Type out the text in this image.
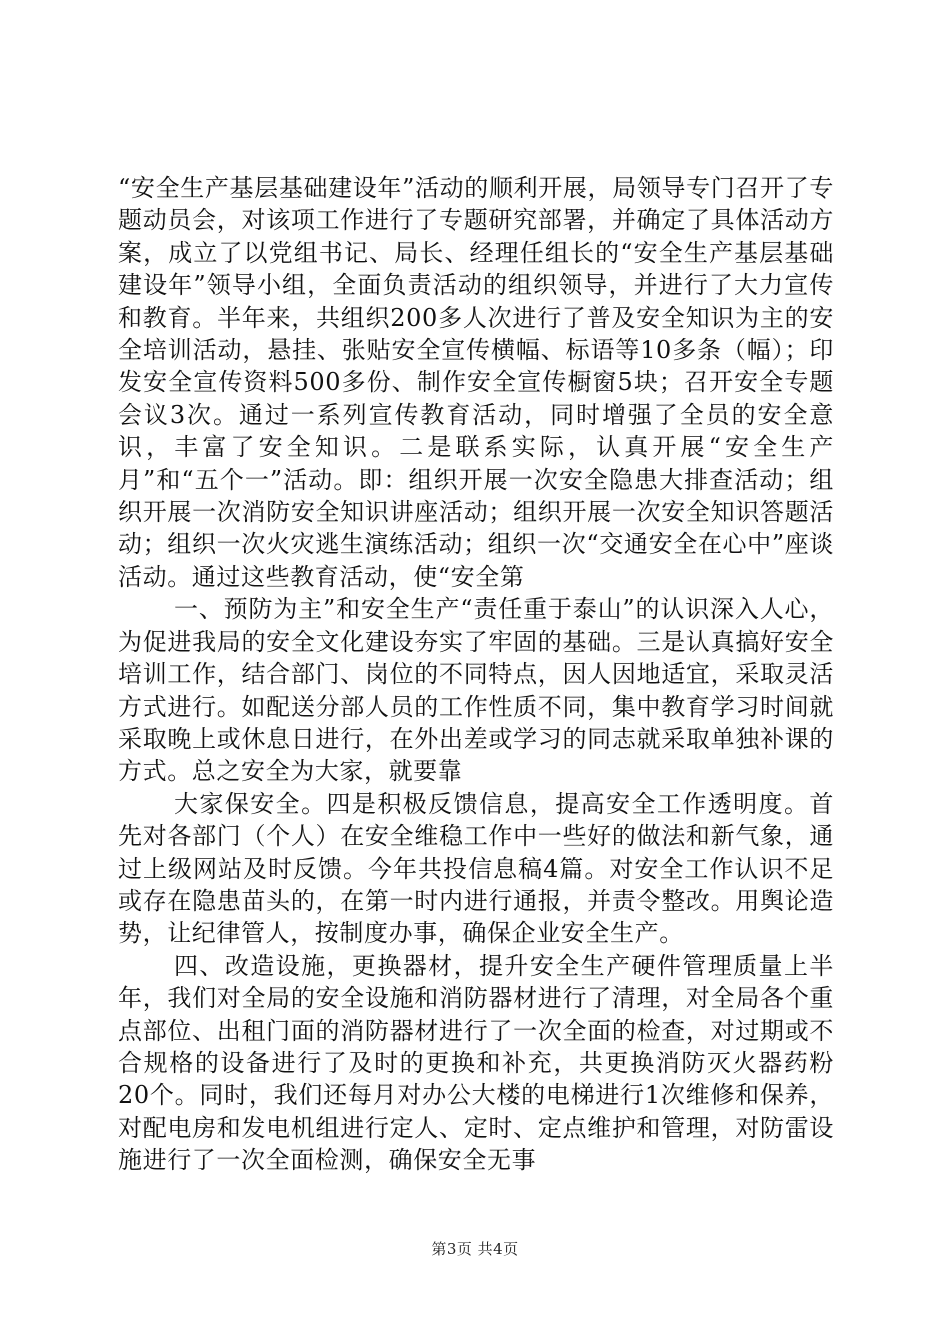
“安全生产基层基础建设年”活动的顺利开展，局领导专门召开了专题动员会，对该项工作进行了专题研究部署，并确定了具体活动方案，成立了以党组书记、局长、经理任组长的“安全生产基层基础建设年”领导小组，全面负责活动的组织领导，并进行了大力宣传和教育。半年来，共组织200多人次进行了普及安全知识为主的安全培训活动，悬挂、张贴安全宣传横幅、标语等10多条（幅）；印发安全宣传资料500多份、制作安全宣传橱窗5块；召开安全专题会议3次。通过一系列宣传教育活动，同时增强了全员的安全意识，丰富了安全知识。二是联系实际，认真开展“安全生产月”和“五个一”活动。即：组织开展一次安全隐患大排查活动；组织开展一次消防安全知识讲座活动；组织开展一次安全知识答题活动；组织一次火灾逃生演练活动；组织一次“交通安全在心中”座谈活动。通过这些教育活动，使“安全第

一、预防为主”和安全生产“责任重于泰山”的认识深入人心，为促进我局的安全文化建设夯实了牢固的基础。三是认真搞好安全培训工作，结合部门、岗位的不同特点，因人因地适宜，采取灵活方式进行。如配送分部人员的工作性质不同，集中教育学习时间就采取晚上或休息日进行，在外出差或学习的同志就采取单独补课的方式。总之安全为大家，就要靠

大家保安全。四是积极反馈信息，提高安全工作透明度。首先对各部门（个人）在安全维稳工作中一些好的做法和新气象，通过上级网站及时反馈。今年共投信息稿4篇。对安全工作认识不足或存在隐患苗头的，在第一时内进行通报，并责令整改。用舆论造势，让纪律管人，按制度办事，确保企业安全生产。

四、改造设施，更换器材，提升安全生产硬件管理质量上半年，我们对全局的安全设施和消防器材进行了清理，对全局各个重点部位、出租门面的消防器材进行了一次全面的检查，对过期或不合规格的设备进行了及时的更换和补充，共更换消防灭火器药粉20个。同时，我们还每月对办公大楼的电梯进行1次维修和保养，对配电房和发电机组进行定人、定时、定点维护和管理，对防雷设施进行了一次全面检测，确保安全无事

第3页 共4页
